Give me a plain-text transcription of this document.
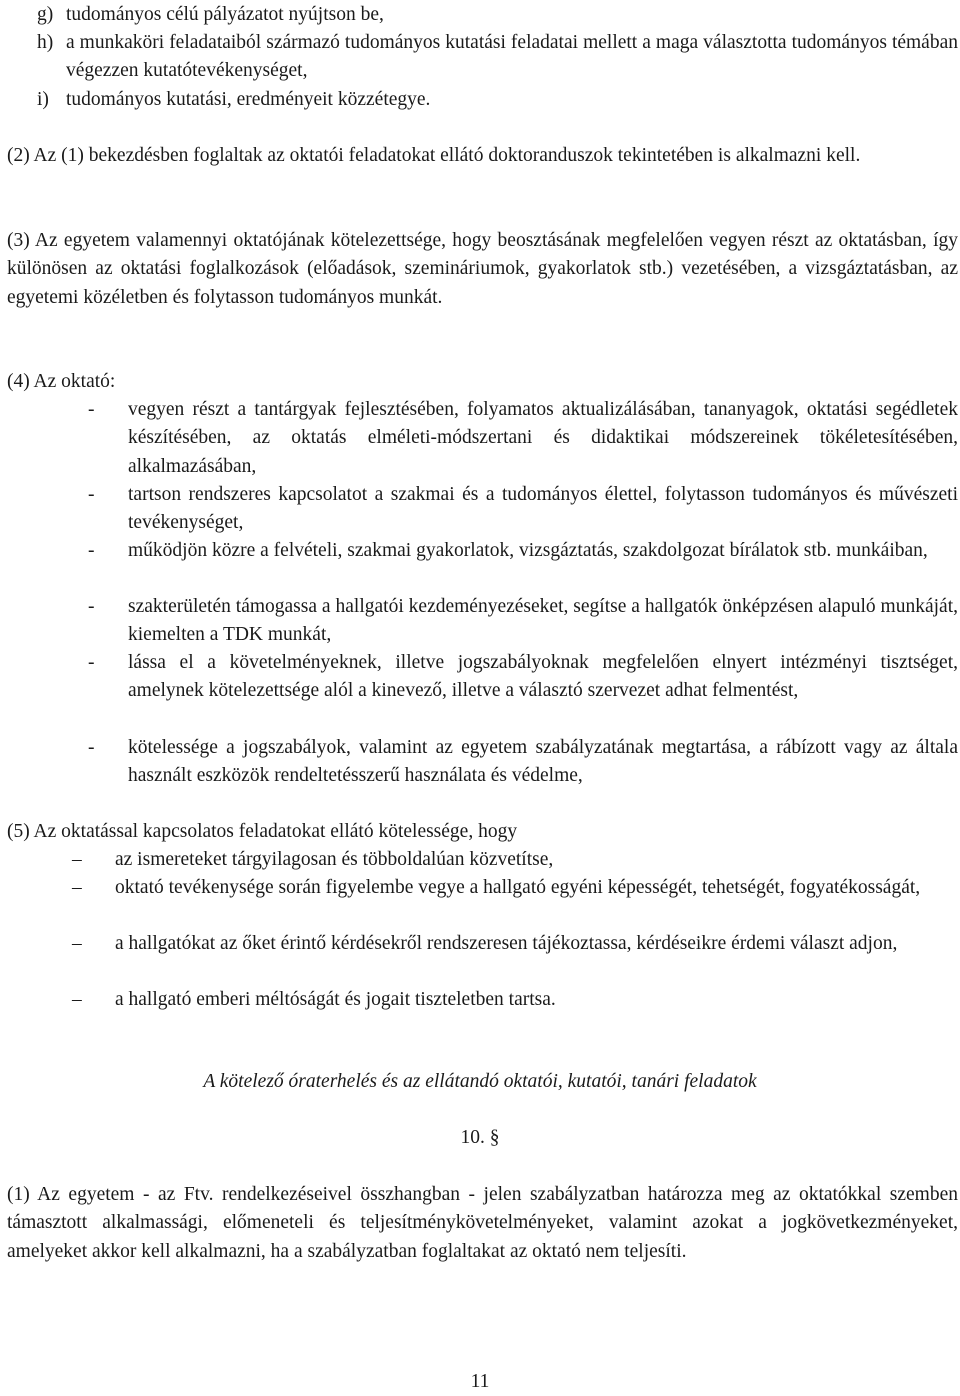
g) tudományos célú pályázatot nyújtson be,
h) a munkaköri feladataiból származó tudományos kutatási feladatai mellett a maga választotta tudományos témában végezzen kutatótevékenységet,
i) tudományos kutatási, eredményeit közzétegye.
(2) Az (1) bekezdésben foglaltak az oktatói feladatokat ellátó doktoranduszok tekintetében is alkalmazni kell.
(3) Az egyetem valamennyi oktatójának kötelezettsége, hogy beosztásának megfelelően vegyen részt az oktatásban, így különösen az oktatási foglalkozások (előadások, szemináriumok, gyakorlatok stb.) vezetésében, a vizsgáztatásban, az egyetemi közéletben és folytasson tudományos munkát.
(4) Az oktató:
- vegyen részt a tantárgyak fejlesztésében, folyamatos aktualizálásában, tananyagok, oktatási segédletek készítésében, az oktatás elméleti-módszertani és didaktikai módszereinek tökéletesítésében, alkalmazásában,
- tartson rendszeres kapcsolatot a szakmai és a tudományos élettel, folytasson tudományos és művészeti tevékenységet,
- működjön közre a felvételi, szakmai gyakorlatok, vizsgáztatás, szakdolgozat bírálatok stb. munkáiban,
- szakterületén támogassa a hallgatói kezdeményezéseket, segítse a hallgatók önképzésen alapuló munkáját, kiemelten a TDK munkát,
- lássa el a követelményeknek, illetve jogszabályoknak megfelelően elnyert intézményi tisztséget, amelynek kötelezettsége alól a kinevező, illetve a választó szervezet adhat felmentést,
- kötelessége a jogszabályok, valamint az egyetem szabályzatának megtartása, a rábízott vagy az általa használt eszközök rendeltetésszerű használata és védelme,
(5) Az oktatással kapcsolatos feladatokat ellátó kötelessége, hogy
– az ismereteket tárgyilagosan és többoldalúan közvetítse,
– oktató tevékenysége során figyelembe vegye a hallgató egyéni képességét, tehetségét, fogyatékosságát,
– a hallgatókat az őket érintő kérdésekről rendszeresen tájékoztassa, kérdéseikre érdemi választ adjon,
– a hallgató emberi méltóságát és jogait tiszteletben tartsa.
A kötelező óraterhelés és az ellátandó oktatói, kutatói, tanári feladatok
10. §
(1) Az egyetem - az Ftv. rendelkezéseivel összhangban - jelen szabályzatban határozza meg az oktatókkal szemben támasztott alkalmassági, előmeneteli és teljesítménykövetelményeket, valamint azokat a jogkövetkezményeket, amelyeket akkor kell alkalmazni, ha a szabályzatban foglaltakat az oktató nem teljesíti.
11
